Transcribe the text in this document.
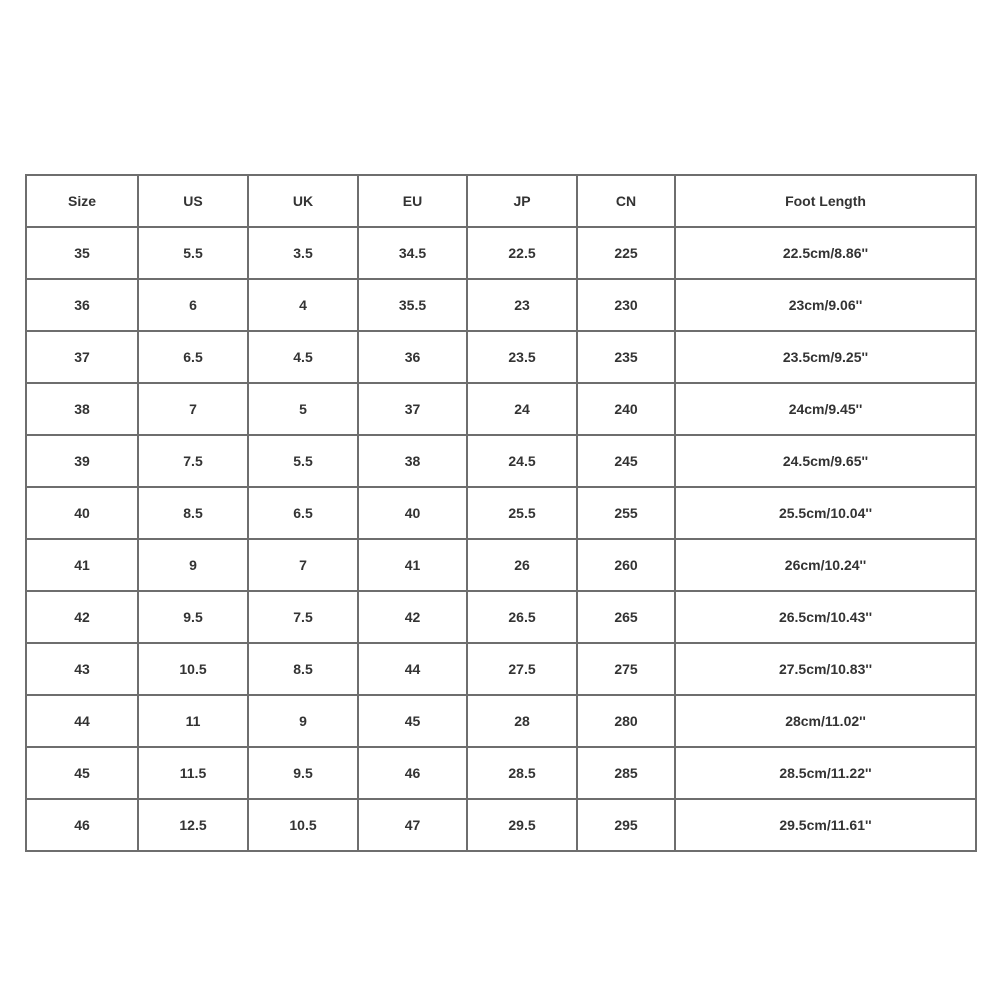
Size	US	UK	EU	JP	CN	Foot Length
35	5.5	3.5	34.5	22.5	225	22.5cm/8.86''
36	6	4	35.5	23	230	23cm/9.06''
37	6.5	4.5	36	23.5	235	23.5cm/9.25''
38	7	5	37	24	240	24cm/9.45''
39	7.5	5.5	38	24.5	245	24.5cm/9.65''
40	8.5	6.5	40	25.5	255	25.5cm/10.04''
41	9	7	41	26	260	26cm/10.24''
42	9.5	7.5	42	26.5	265	26.5cm/10.43''
43	10.5	8.5	44	27.5	275	27.5cm/10.83''
44	11	9	45	28	280	28cm/11.02''
45	11.5	9.5	46	28.5	285	28.5cm/11.22''
46	12.5	10.5	47	29.5	295	29.5cm/11.61''
